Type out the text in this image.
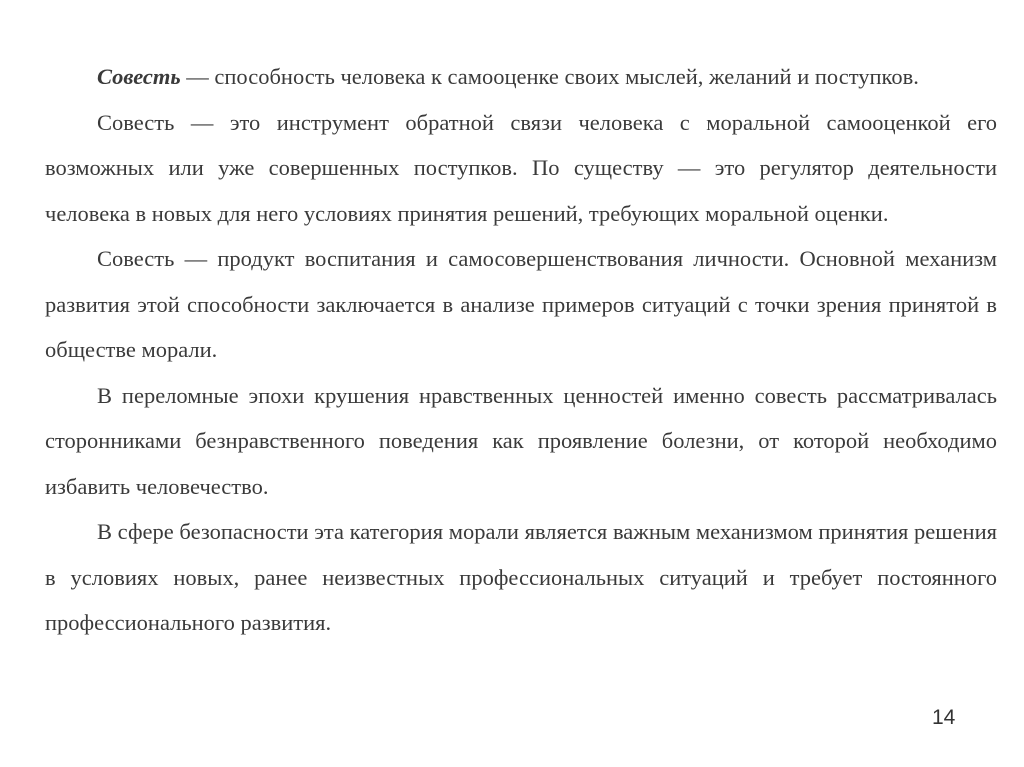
Совесть — способность человека к самооценке своих мыслей, желаний и поступков.

Совесть — это инструмент обратной связи человека с моральной самооценкой его возможных или уже совершенных поступков. По существу — это регулятор деятельности человека в новых для него условиях принятия решений, требующих моральной оценки.

Совесть — продукт воспитания и самосовершенствования личности. Основной механизм развития этой способности заключается в анализе примеров ситуаций с точки зрения принятой в обществе морали.

В переломные эпохи крушения нравственных ценностей именно совесть рассматривалась сторонниками безнравственного поведения как проявление болезни, от которой необходимо избавить человечество.

В сфере безопасности эта категория морали является важным механизмом принятия решения в условиях новых, ранее неизвестных профессиональных ситуаций и требует постоянного профессионального развития.

14
